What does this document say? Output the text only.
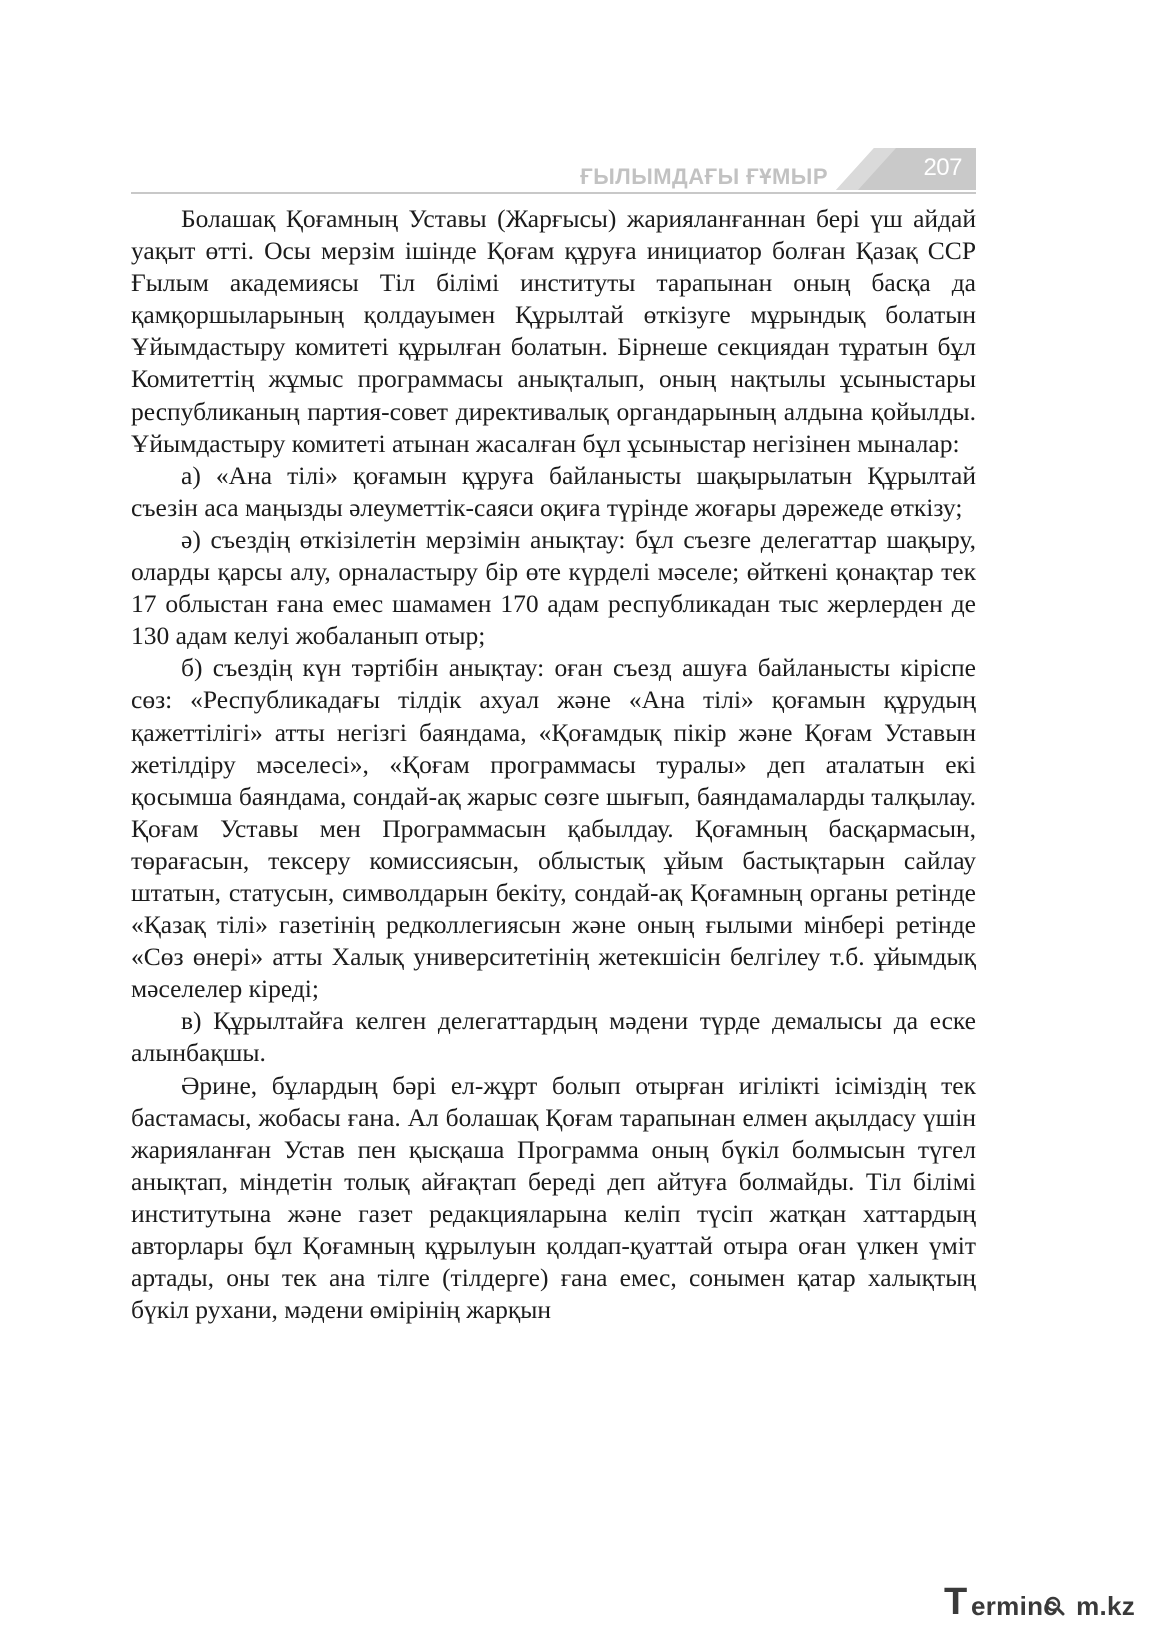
ҒЫЛЫМДАҒЫ ҒҰМЫР	207

Болашақ Қоғамның Уставы (Жарғысы) жарияланғаннан бері үш айдай уақыт өтті. Осы мерзім ішінде Қоғам құруға инициатор болған Қазақ ССР Ғылым академиясы Тіл білімі институты тарапынан оның басқа да қамқоршыларының қолдауымен Құрылтай өткізуге мұрындық болатын Ұйымдастыру комитеті құрылған болатын. Бірнеше секциядан тұратын бұл Комитеттің жұмыс программасы анықталып, оның нақтылы ұсыныстары республиканың партия-совет директивалық органдарының алдына қойылды. Ұйымдастыру комитеті атынан жасалған бұл ұсыныстар негізінен мыналар:

а) «Ана тілі» қоғамын құруға байланысты шақырылатын Құрылтай съезін аса маңызды әлеуметтік-саяси оқиға түрінде жоғары дәрежеде өткізу;

ә) съездің өткізілетін мерзімін анықтау: бұл съезге делегаттар шақыру, оларды қарсы алу, орналастыру бір өте күрделі мәселе; өйткені қонақтар тек 17 облыстан ғана емес шамамен 170 адам республикадан тыс жерлерден де 130 адам келуі жобаланып отыр;

б) съездің күн тәртібін анықтау: оған съезд ашуға байланысты кіріспе сөз: «Республикадағы тілдік ахуал және «Ана тілі» қоғамын құрудың қажеттілігі» атты негізгі баяндама, «Қоғамдық пікір және Қоғам Уставын жетілдіру мәселесі», «Қоғам программасы туралы» деп аталатын екі қосымша баяндама, сондай-ақ жарыс сөзге шығып, баяндамаларды талқылау. Қоғам Уставы мен Программасын қабылдау. Қоғамның басқармасын, төрағасын, тексеру комиссиясын, облыстық ұйым бастықтарын сайлау штатын, статусын, символдарын бекіту, сондай-ақ Қоғамның органы ретінде «Қазақ тілі» газетінің редколлегиясын және оның ғылыми мінбері ретінде «Сөз өнері» атты Халық университетінің жетекшісін белгілеу т.б. ұйымдық мәселелер кіреді;

в) Құрылтайға келген делегаттардың мәдени түрде демалысы да еске алынбақшы.

Әрине, бұлардың бәрі ел-жұрт болып отырған игілікті ісіміздің тек бастамасы, жобасы ғана. Ал болашақ Қоғам тарапынан елмен ақылдасу үшін жарияланған Устав пен қысқаша Программа оның бүкіл болмысын түгел анықтап, міндетін толық айғақтап береді деп айтуға болмайды. Тіл білімі институтына және газет редакцияларына келіп түсіп жатқан хаттардың авторлары бұл Қоғамның құрылуын қолдап-қуаттай отыра оған үлкен үміт артады, оны тек ана тілге (тілдерге) ғана емес, сонымен қатар халықтың бүкіл рухани, мәдени өмірінің жарқын

T erminc m.kz
